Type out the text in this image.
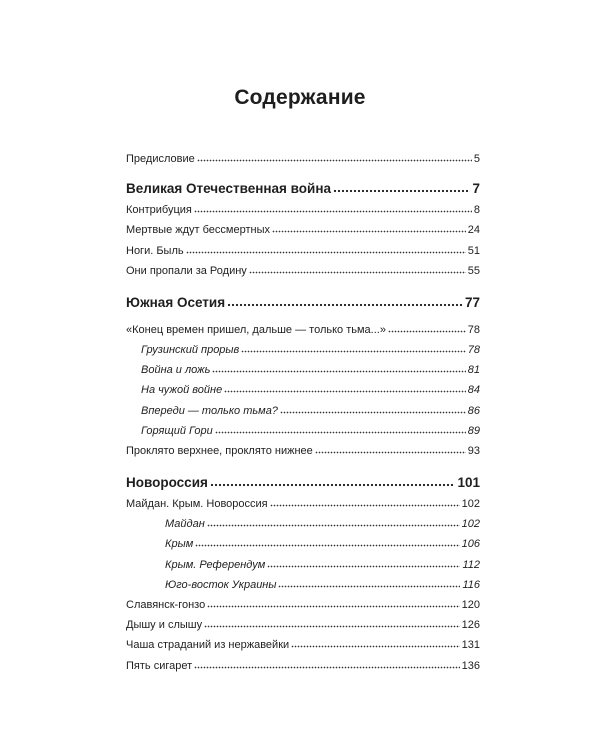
Содержание
Предисловие	5
Великая Отечественная война	7
Контрибуция	8
Мертвые ждут бессмертных	24
Ноги. Быль	51
Они пропали за Родину	55
Южная Осетия	77
«Конец времен пришел, дальше — только тьма...»	78
Грузинский прорыв	78
Война и ложь	81
На чужой войне	84
Впереди — только тьма?	86
Горящий Гори	89
Проклято верхнее, проклято нижнее	93
Новороссия	101
Майдан. Крым. Новороссия	102
Майдан	102
Крым	106
Крым. Референдум	112
Юго-восток Украины	116
Славянск-гонзо	120
Дышу и слышу	126
Чаша страданий из нержавейки	131
Пять сигарет	136
